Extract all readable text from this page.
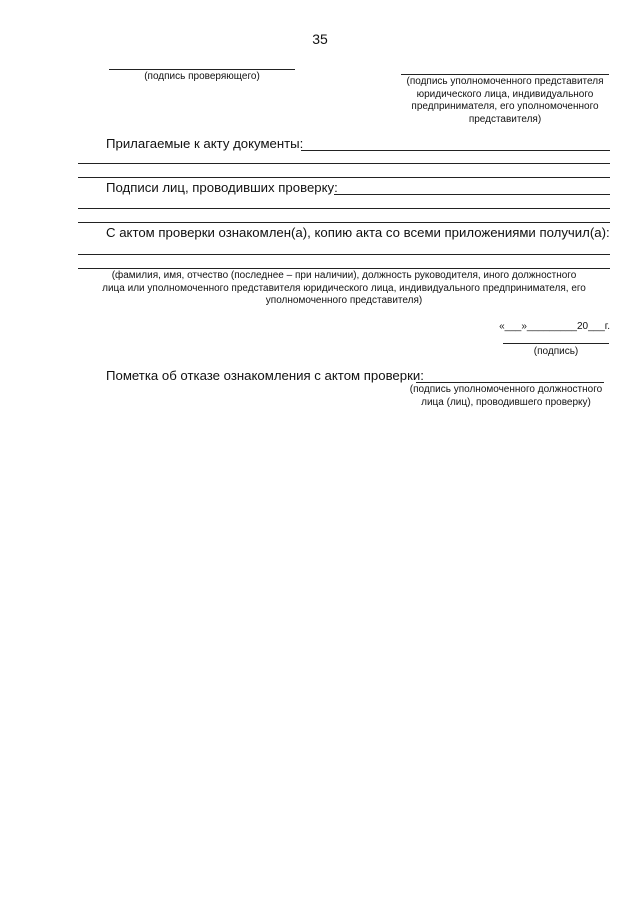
35
(подпись проверяющего)	(подпись уполномоченного представителя
юридического лица, индивидуального
предпринимателя, его уполномоченного
представителя)
Прилагаемые к акту документы:
Подписи лиц, проводивших проверку:
С актом проверки ознакомлен(а), копию акта со всеми приложениями получил(а):
(фамилия, имя, отчество (последнее – при наличии), должность руководителя, иного должностного
лица или уполномоченного представителя юридического лица, индивидуального предпринимателя, его
уполномоченного представителя)
«___»_________20___г.
(подпись)
Пометка об отказе ознакомления с актом проверки:
(подпись уполномоченного должностного
лица (лиц), проводившего проверку)
